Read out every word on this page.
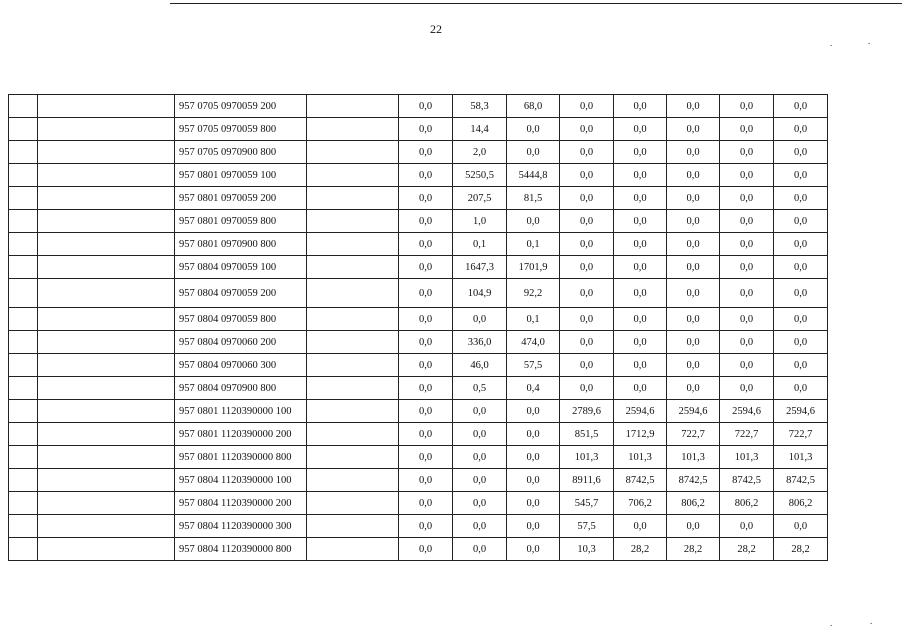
22
.	.
.	.
		957 0705 0970059 200		0,0	58,3	68,0	0,0	0,0	0,0	0,0	0,0
		957 0705 0970059 800		0,0	14,4	0,0	0,0	0,0	0,0	0,0	0,0
		957 0705 0970900 800		0,0	2,0	0,0	0,0	0,0	0,0	0,0	0,0
		957 0801 0970059 100		0,0	5250,5	5444,8	0,0	0,0	0,0	0,0	0,0
		957 0801 0970059 200		0,0	207,5	81,5	0,0	0,0	0,0	0,0	0,0
		957 0801 0970059 800		0,0	1,0	0,0	0,0	0,0	0,0	0,0	0,0
		957 0801 0970900 800		0,0	0,1	0,1	0,0	0,0	0,0	0,0	0,0
		957 0804 0970059 100		0,0	1647,3	1701,9	0,0	0,0	0,0	0,0	0,0
		957 0804 0970059 200		0,0	104,9	92,2	0,0	0,0	0,0	0,0	0,0
		957 0804 0970059 800		0,0	0,0	0,1	0,0	0,0	0,0	0,0	0,0
		957 0804 0970060 200		0,0	336,0	474,0	0,0	0,0	0,0	0,0	0,0
		957 0804 0970060 300		0,0	46,0	57,5	0,0	0,0	0,0	0,0	0,0
		957 0804 0970900 800		0,0	0,5	0,4	0,0	0,0	0,0	0,0	0,0
		957 0801 1120390000 100		0,0	0,0	0,0	2789,6	2594,6	2594,6	2594,6	2594,6
		957 0801 1120390000 200		0,0	0,0	0,0	851,5	1712,9	722,7	722,7	722,7
		957 0801 1120390000 800		0,0	0,0	0,0	101,3	101,3	101,3	101,3	101,3
		957 0804 1120390000 100		0,0	0,0	0,0	8911,6	8742,5	8742,5	8742,5	8742,5
		957 0804 1120390000 200		0,0	0,0	0,0	545,7	706,2	806,2	806,2	806,2
		957 0804 1120390000 300		0,0	0,0	0,0	57,5	0,0	0,0	0,0	0,0
		957 0804 1120390000 800		0,0	0,0	0,0	10,3	28,2	28,2	28,2	28,2
